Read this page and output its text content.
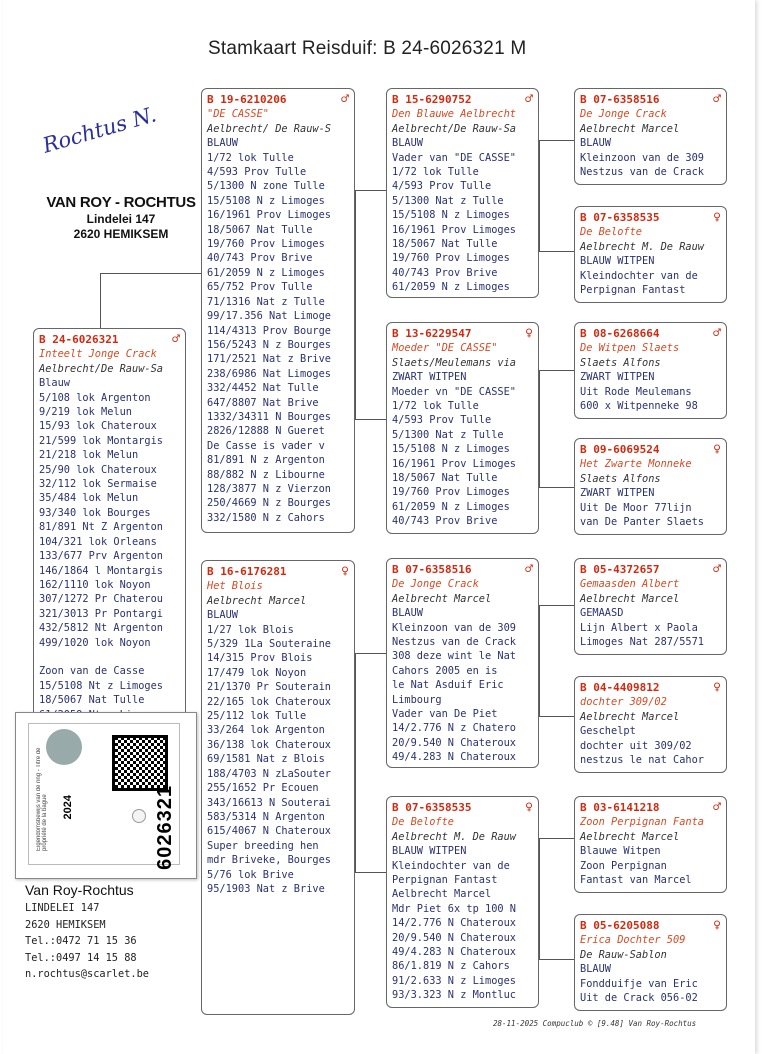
Stamkaart Reisduif: B 24-6026321 M
Rochtus N.
VAN ROY - ROCHTUS
Lindelei 147
2620 HEMIKSEM
B 24-6026321	♂
Inteelt Jonge Crack
Aelbrecht/De Rauw-Sa
Blauw
5/108 lok Argenton
9/219 lok Melun
15/93 lok Chateroux
21/599 lok Montargis
21/218 lok Melun
25/90 lok Chateroux
32/112 lok Sermaise
35/484 lok Melun
93/340 lok Bourges
81/891 Nt Z Argenton
104/321 lok Orleans
133/677 Prv Argenton
146/1864 l Montargis
162/1110 lok Noyon
307/1272 Pr Chaterou
321/3013 Pr Pontargi
432/5812 Nt Argenton
499/1020 lok Noyon

Zoon van de Casse
15/5108 Nt z Limoges
18/5067 Nat Tulle
B 19-6210206	♂
"DE CASSE"
Aelbrecht/ De Rauw-S
BLAUW
1/72 lok Tulle
4/593 Prov Tulle
5/1300 N zone Tulle
15/5108 N z Limoges
16/1961 Prov Limoges
18/5067 Nat Tulle
19/760 Prov Limoges
40/743 Prov Brive
61/2059 N z Limoges
65/752 Prov Tulle
71/1316 Nat z Tulle
99/17.356 Nat Limoge
114/4313 Prov Bourge
156/5243 N z Bourges
171/2521 Nat z Brive
238/6986 Nat Limoges
332/4452 Nat Tulle
647/8807 Nat Brive
1332/34311 N Bourges
2826/12888 N Gueret
De Casse is vader v
81/891 N z Argenton
88/882 N z Libourne
128/3877 N z Vierzon
250/4669 N z Bourges
332/1580 N z Cahors
B 16-6176281	♀
Het Blois
Aelbrecht Marcel
BLAUW
1/27 lok Blois
5/329 1La Souteraine
14/315 Prov Blois
17/479 lok Noyon
21/1370 Pr Souterain
22/165 lok Chateroux
25/112 lok Tulle
33/264 lok Argenton
36/138 lok Chateroux
69/1581 Nat z Blois
188/4703 N zLaSouter
255/1652 Pr Ecouen
343/16613 N Souterai
583/5314 N Argenton
615/4067 N Chateroux
Super breeding hen
mdr Briveke, Bourges
5/76 lok Brive
95/1903 Nat z Brive
B 15-6290752	♂
Den Blauwe Aelbrecht
Aelbrecht/De Rauw-Sa
BLAUW
Vader van "DE CASSE"
1/72 lok Tulle
4/593 Prov Tulle
5/1300 Nat z Tulle
15/5108 N z Limoges
16/1961 Prov Limoges
18/5067 Nat Tulle
19/760 Prov Limoges
40/743 Prov Brive
61/2059 N z Limoges
B 13-6229547	♀
Moeder "DE CASSE"
Slaets/Meulemans via
ZWART WITPEN
Moeder vn "DE CASSE"
1/72 lok Tulle
4/593 Prov Tulle
5/1300 Nat z Tulle
15/5108 N z Limoges
16/1961 Prov Limoges
18/5067 Nat Tulle
19/760 Prov Limoges
61/2059 N z Limoges
40/743 Prov Brive
B 07-6358516	♂
De Jonge Crack
Aelbrecht Marcel
BLAUW
Kleinzoon van de 309
Nestzus van de Crack
308 deze wint le Nat
Cahors 2005 en is
le Nat Asduif Eric
Limbourg
Vader van De Piet
14/2.776 N z Chatero
20/9.540 N Chateroux
49/4.283 N Chateroux
B 07-6358535	♀
De Belofte
Aelbrecht M. De Rauw
BLAUW WITPEN
Kleindochter van de
Perpignan Fantast
Aelbrecht Marcel
Mdr Piet 6x tp 100 N
14/2.776 N Chateroux
20/9.540 N Chateroux
49/4.283 N Chateroux
86/1.819 N z Cahors
91/2.633 N z Limoges
93/3.323 N z Montluc
B 07-6358516	♂
De Jonge Crack
Aelbrecht Marcel
BLAUW
Kleinzoon van de 309
Nestzus van de Crack
B 07-6358535	♀
De Belofte
Aelbrecht M. De Rauw
BLAUW WITPEN
Kleindochter van de
Perpignan Fantast
B 08-6268664	♂
De Witpen Slaets
Slaets Alfons
ZWART WITPEN
Uit Rode Meulemans
600 x Witpenneke 98
B 09-6069524	♀
Het Zwarte Monneke
Slaets Alfons
ZWART WITPEN
Uit De Moor 77lijn
van De Panter Slaets
B 05-4372657	♂
Gemaasden Albert
Aelbrecht Marcel
GEMAASD
Lijn Albert x Paola
Limoges Nat 287/5571
B 04-4409812	♀
dochter 309/02
Aelbrecht Marcel
Geschelpt
dochter uit 309/02
nestzus le nat Cahor
B 03-6141218	♂
Zoon Perpignan Fanta
Aelbrecht Marcel
Blauwe Witpen
Zoon Perpignan
Fantast van Marcel
B 05-6205088	♀
Erica Dochter 509
De Rauw-Sablon
BLAUW
Fondduifje van Eric
Uit de Crack 056-02
Van Roy-Rochtus
LINDELEI 147
2620 HEMIKSEM
Tel.:0472 71 15 36
Tel.:0497 14 15 88
n.rochtus@scarlet.be
28-11-2025 Compuclub © [9.48] Van Roy-Rochtus
Eigendomsbewijs van de ring - Titre de propriété de la bague	2024	6026321
